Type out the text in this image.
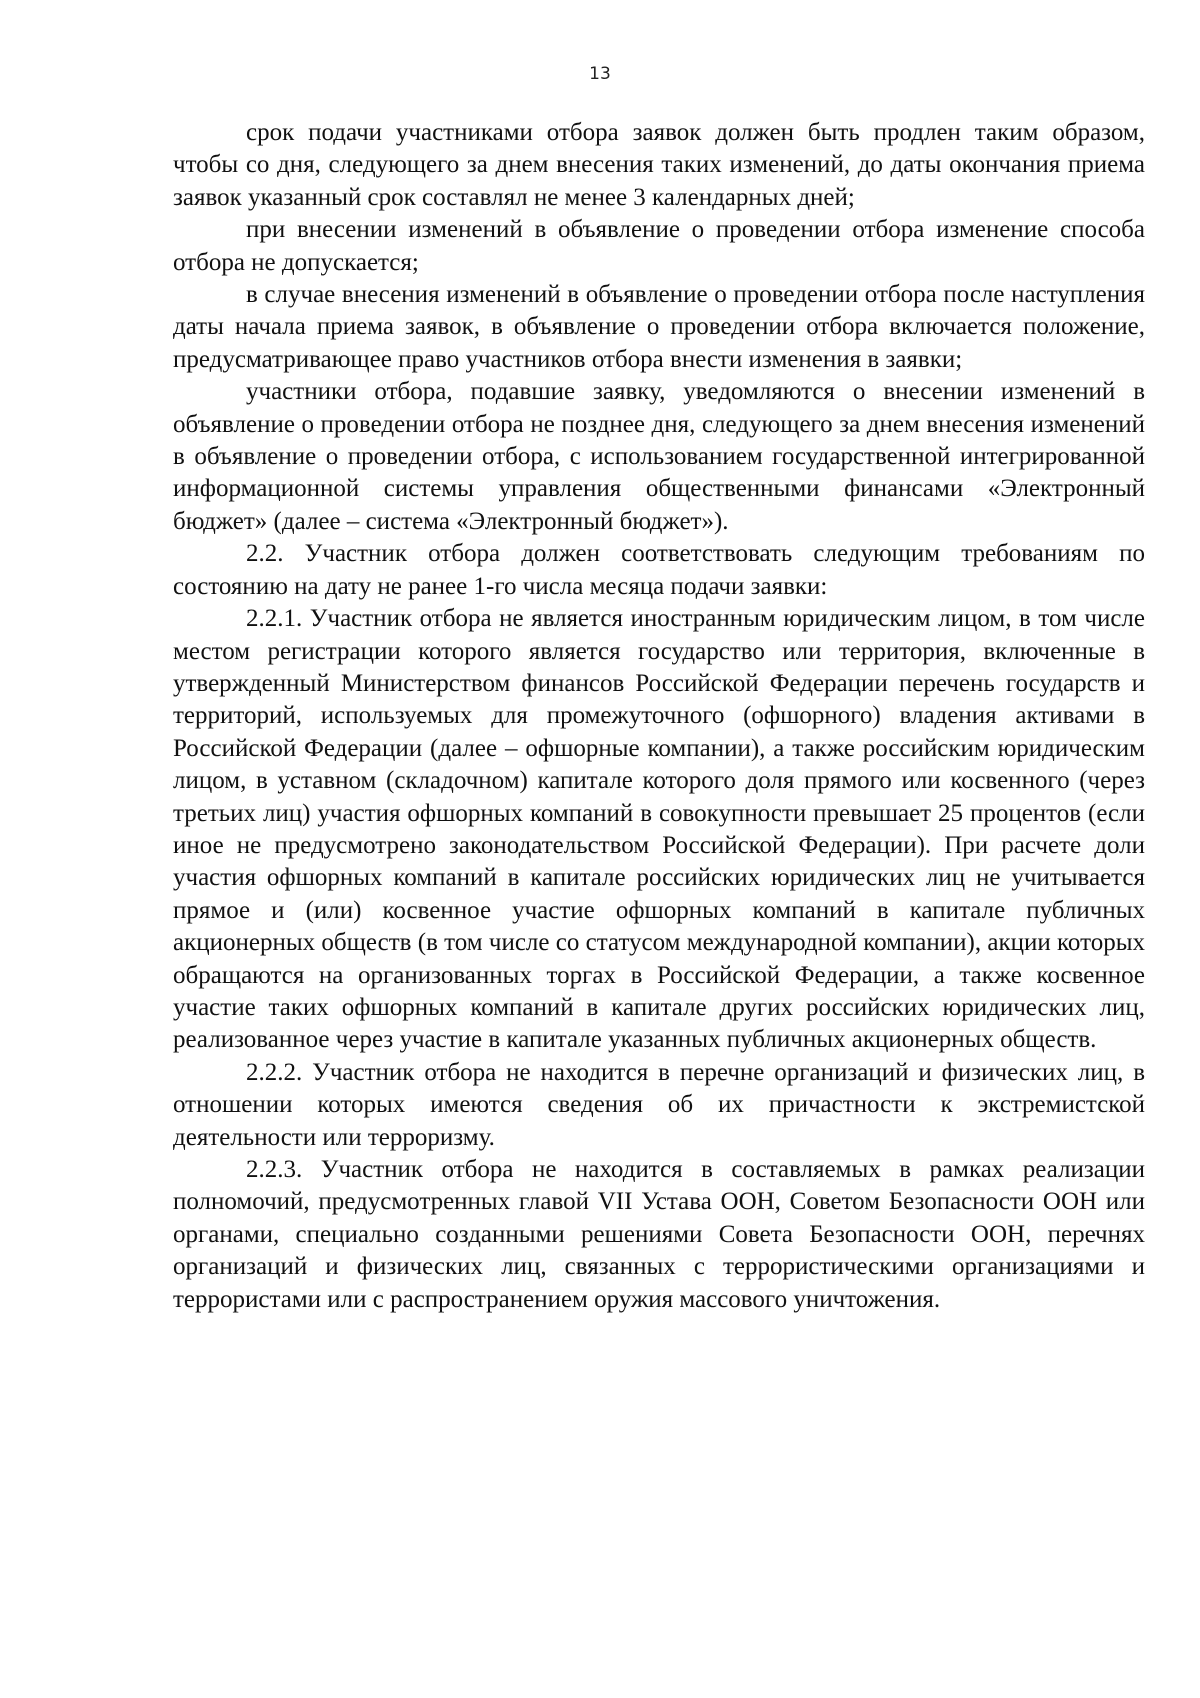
13

срок подачи участниками отбора заявок должен быть продлен таким образом, чтобы со дня, следующего за днем внесения таких изменений, до даты окончания приема заявок указанный срок составлял не менее 3 календарных дней;

при внесении изменений в объявление о проведении отбора изменение способа отбора не допускается;

в случае внесения изменений в объявление о проведении отбора после наступления даты начала приема заявок, в объявление о проведении отбора включается положение, предусматривающее право участников отбора внести изменения в заявки;

участники отбора, подавшие заявку, уведомляются о внесении изменений в объявление о проведении отбора не позднее дня, следующего за днем внесения изменений в объявление о проведении отбора, с использованием государственной интегрированной информационной системы управления общественными финансами «Электронный бюджет» (далее – система «Электронный бюджет»).

2.2. Участник отбора должен соответствовать следующим требованиям по состоянию на дату не ранее 1-го числа месяца подачи заявки:

2.2.1. Участник отбора не является иностранным юридическим лицом, в том числе местом регистрации которого является государство или территория, включенные в утвержденный Министерством финансов Российской Федерации перечень государств и территорий, используемых для промежуточного (офшорного) владения активами в Российской Федерации (далее – офшорные компании), а также российским юридическим лицом, в уставном (складочном) капитале которого доля прямого или косвенного (через третьих лиц) участия офшорных компаний в совокупности превышает 25 процентов (если иное не предусмотрено законодательством Российской Федерации). При расчете доли участия офшорных компаний в капитале российских юридических лиц не учитывается прямое и (или) косвенное участие офшорных компаний в капитале публичных акционерных обществ (в том числе со статусом международной компании), акции которых обращаются на организованных торгах в Российской Федерации, а также косвенное участие таких офшорных компаний в капитале других российских юридических лиц, реализованное через участие в капитале указанных публичных акционерных обществ.

2.2.2. Участник отбора не находится в перечне организаций и физических лиц, в отношении которых имеются сведения об их причастности к экстремистской деятельности или терроризму.

2.2.3. Участник отбора не находится в составляемых в рамках реализации полномочий, предусмотренных главой VII Устава ООН, Советом Безопасности ООН или органами, специально созданными решениями Совета Безопасности ООН, перечнях организаций и физических лиц, связанных с террористическими организациями и террористами или с распространением оружия массового уничтожения.
